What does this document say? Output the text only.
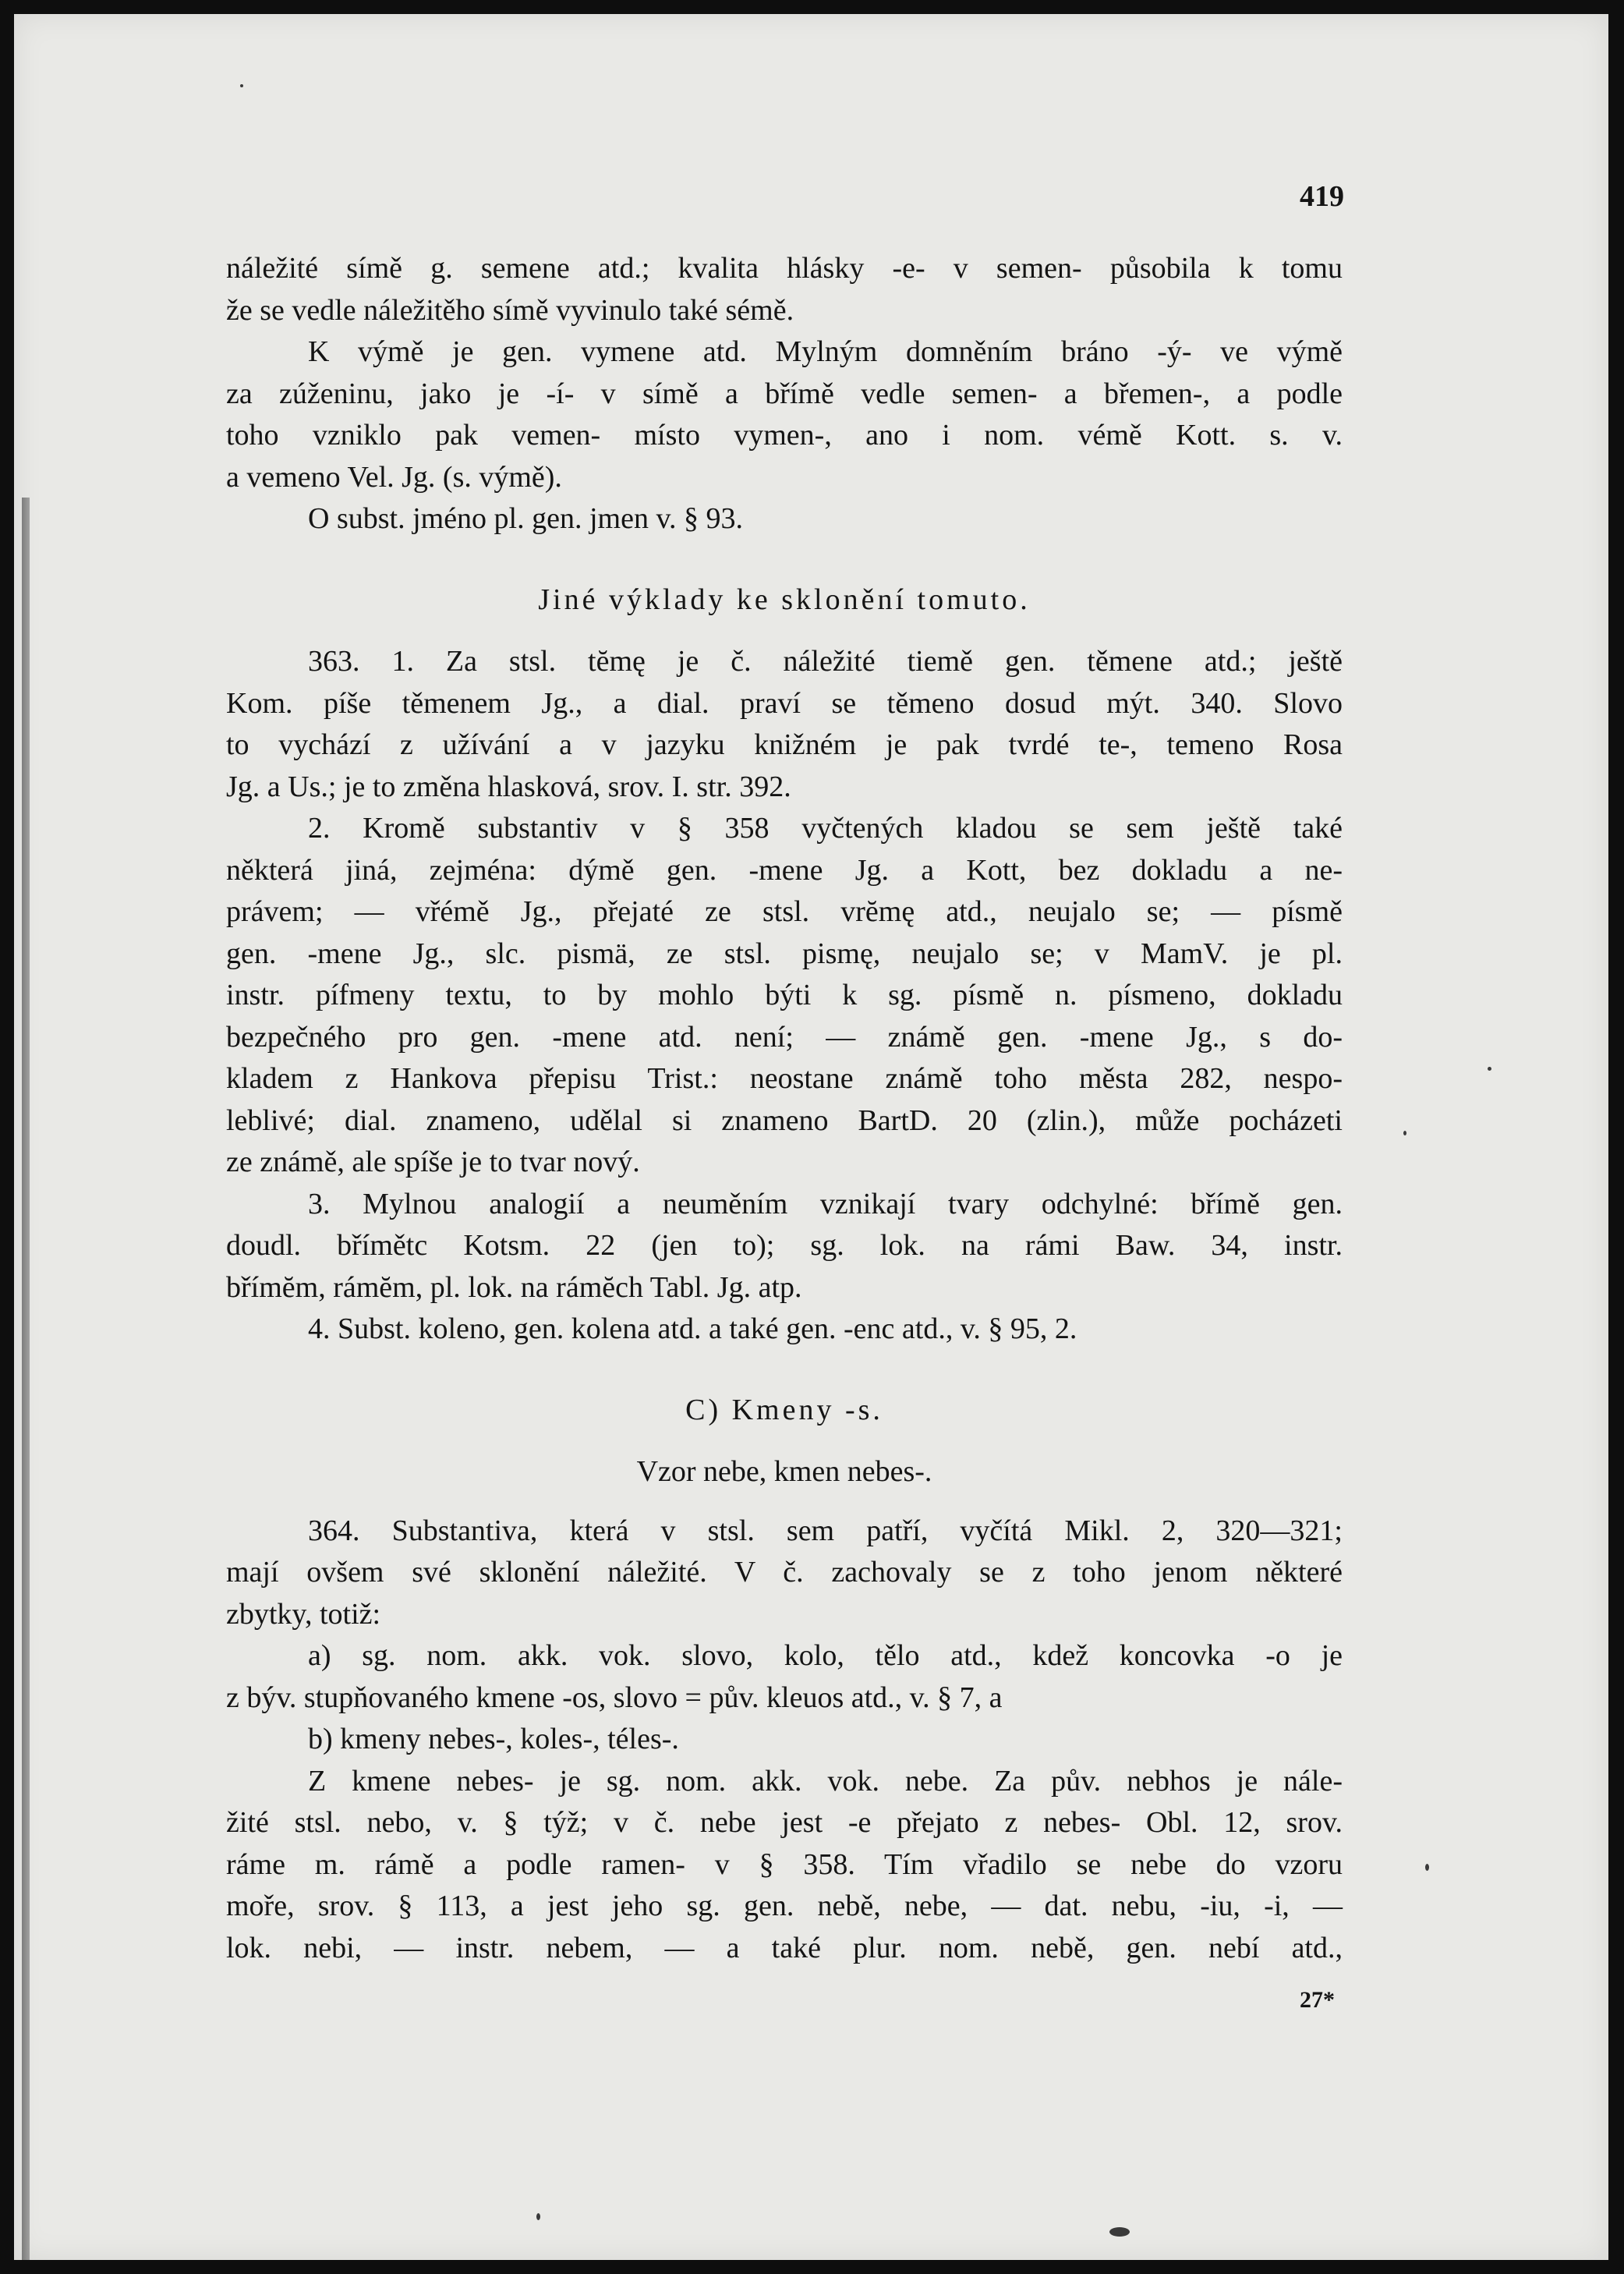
419

náležité símě g. semene atd.; kvalita hlásky -e- v semen- působila k tomu

že se vedle náležitěho símě vyvinulo také sémě.

K výmě je gen. vymene atd. Mylným domněním bráno -ý- ve výmě

za zúženinu, jako je -í- v símě a břímě vedle semen- a břemen-, a podle

toho vzniklo pak vemen- místo vymen-, ano i nom. vémě Kott. s. v.

a vemeno Vel. Jg. (s. výmě).

O subst. jméno pl. gen. jmen v. § 93.

Jiné výklady ke sklonění tomuto.

363. 1. Za stsl. tĕmę je č. náležité tiemě gen. těmene atd.; ještě

Kom. píše těmenem Jg., a dial. praví se těmeno dosud mýt. 340. Slovo

to vychází z užívání a v jazyku knižném je pak tvrdé te-, temeno Rosa

Jg. a Us.; je to změna hlasková, srov. I. str. 392.

2. Kromě substantiv v § 358 vyčtených kladou se sem ještě také

některá jiná, zejména: dýmě gen. -mene Jg. a Kott, bez dokladu a ne-

právem; — vřémě Jg., přejaté ze stsl. vrĕmę atd., neujalo se; — písmě

gen. -mene Jg., slc. pismä, ze stsl. pismę, neujalo se; v MamV. je pl.

instr. pífmeny textu, to by mohlo býti k sg. písmě n. písmeno, dokladu

bezpečného pro gen. -mene atd. není; — známě gen. -mene Jg., s do-

kladem z Hankova přepisu Trist.: neostane známě toho města 282, nespo-

leblivé; dial. znameno, udělal si znameno BartD. 20 (zlin.), může pocházeti

ze známě, ale spíše je to tvar nový.

3. Mylnou analogií a neuměním vznikají tvary odchylné: břímě gen.

doudl. břímětc Kotsm. 22 (jen to); sg. lok. na rámi Baw. 34, instr.

břímĕm, rámĕm, pl. lok. na rámĕch Tabl. Jg. atp.

4. Subst. koleno, gen. kolena atd. a také gen. -enc atd., v. § 95, 2.

C) Kmeny -s.

Vzor nebe, kmen nebes-.

364. Substantiva, která v stsl. sem patří, vyčítá Mikl. 2, 320—321;

mají ovšem své sklonění náležité. V č. zachovaly se z toho jenom některé

zbytky, totiž:

a) sg. nom. akk. vok. slovo, kolo, tělo atd., kdež koncovka -o je

z býv. stupňovaného kmene -os, slovo = pův. kleuos atd., v. § 7, a

b) kmeny nebes-, koles-, téles-.

Z kmene nebes- je sg. nom. akk. vok. nebe. Za pův. nebhos je nále-

žité stsl. nebo, v. § týž; v č. nebe jest -e přejato z nebes- Obl. 12, srov.

ráme m. rámě a podle ramen- v § 358. Tím vřadilo se nebe do vzoru

moře, srov. § 113, a jest jeho sg. gen. nebě, nebe, — dat. nebu, -iu, -i, —

lok. nebi, — instr. nebem, — a také plur. nom. nebě, gen. nebí atd.,

27*
